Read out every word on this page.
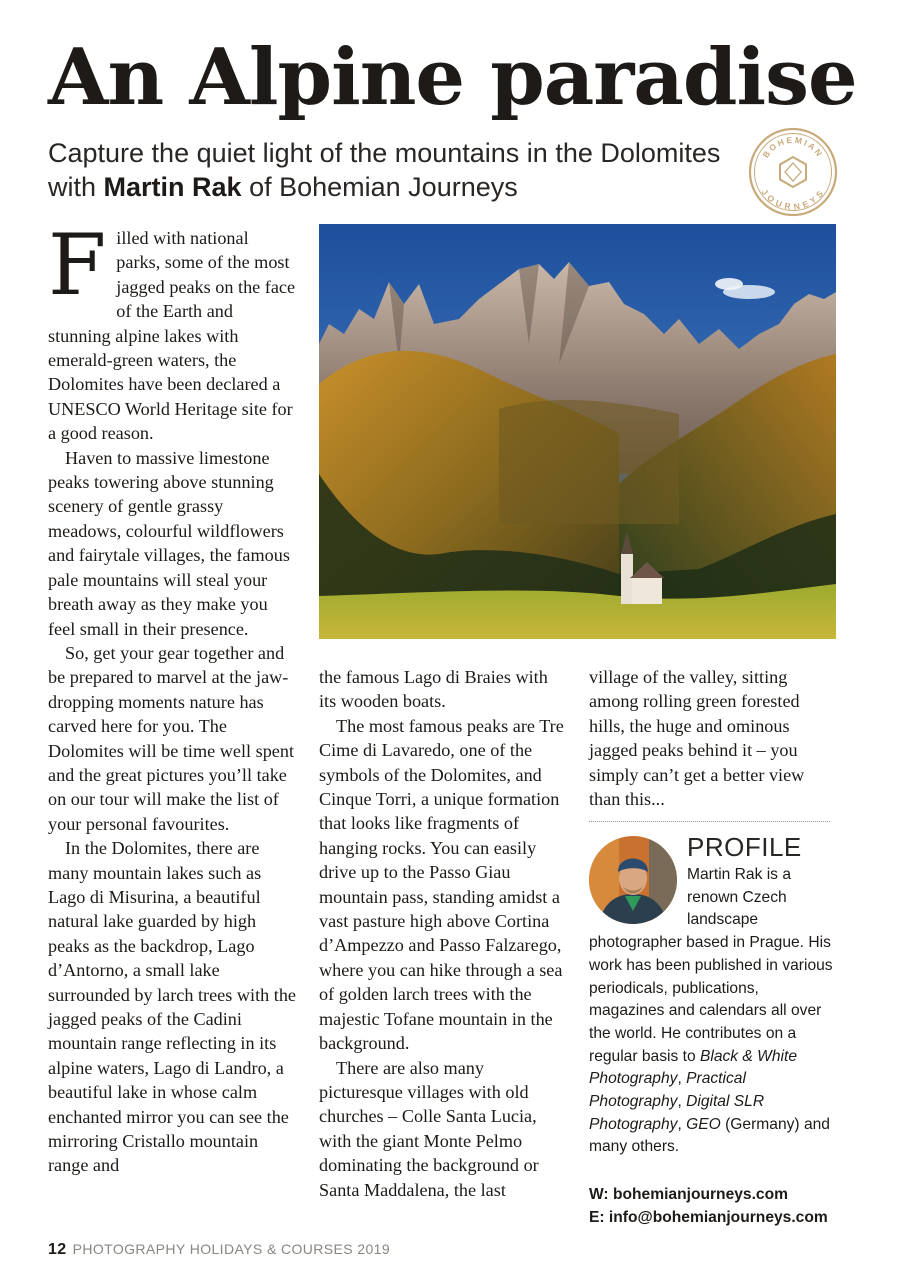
An Alpine paradise
Capture the quiet light of the mountains in the Dolomites with Martin Rak of Bohemian Journeys
BOHEMIAN
JOURNEYS

Filled with national parks, some of the most jagged peaks on the face of the Earth and stunning alpine lakes with emerald-green waters, the Dolomites have been declared a UNESCO World Heritage site for a good reason.

Haven to massive limestone peaks towering above stunning scenery of gentle grassy meadows, colourful wildflowers and fairytale villages, the famous pale mountains will steal your breath away as they make you feel small in their presence.

So, get your gear together and be prepared to marvel at the jaw-dropping moments nature has carved here for you. The Dolomites will be time well spent and the great pictures you’ll take on our tour will make the list of your personal favourites.

In the Dolomites, there are many mountain lakes such as Lago di Misurina, a beautiful natural lake guarded by high peaks as the backdrop, Lago d’Antorno, a small lake surrounded by larch trees with the jagged peaks of the Cadini mountain range reflecting in its alpine waters, Lago di Landro, a beautiful lake in whose calm enchanted mirror you can see the mirroring Cristallo mountain range and

the famous Lago di Braies with its wooden boats.

The most famous peaks are Tre Cime di Lavaredo, one of the symbols of the Dolomites, and Cinque Torri, a unique formation that looks like fragments of hanging rocks. You can easily drive up to the Passo Giau mountain pass, standing amidst a vast pasture high above Cortina d’Ampezzo and Passo Falzarego, where you can hike through a sea of golden larch trees with the majestic Tofane mountain in the background.

There are also many picturesque villages with old churches – Colle Santa Lucia, with the giant Monte Pelmo dominating the background or Santa Maddalena, the last

village of the valley, sitting among rolling green forested hills, the huge and ominous jagged peaks behind it – you simply can’t get a better view than this...

PROFILE

Martin Rak is a renown Czech landscape photographer based in Prague. His work has been published in various periodicals, publications, magazines and calendars all over the world. He contributes on a regular basis to Black & White Photography, Practical Photography, Digital SLR Photography, GEO (Germany) and many others.

W: bohemianjourneys.com
E: info@bohemianjourneys.com
12 PHOTOGRAPHY HOLIDAYS & COURSES 2019
